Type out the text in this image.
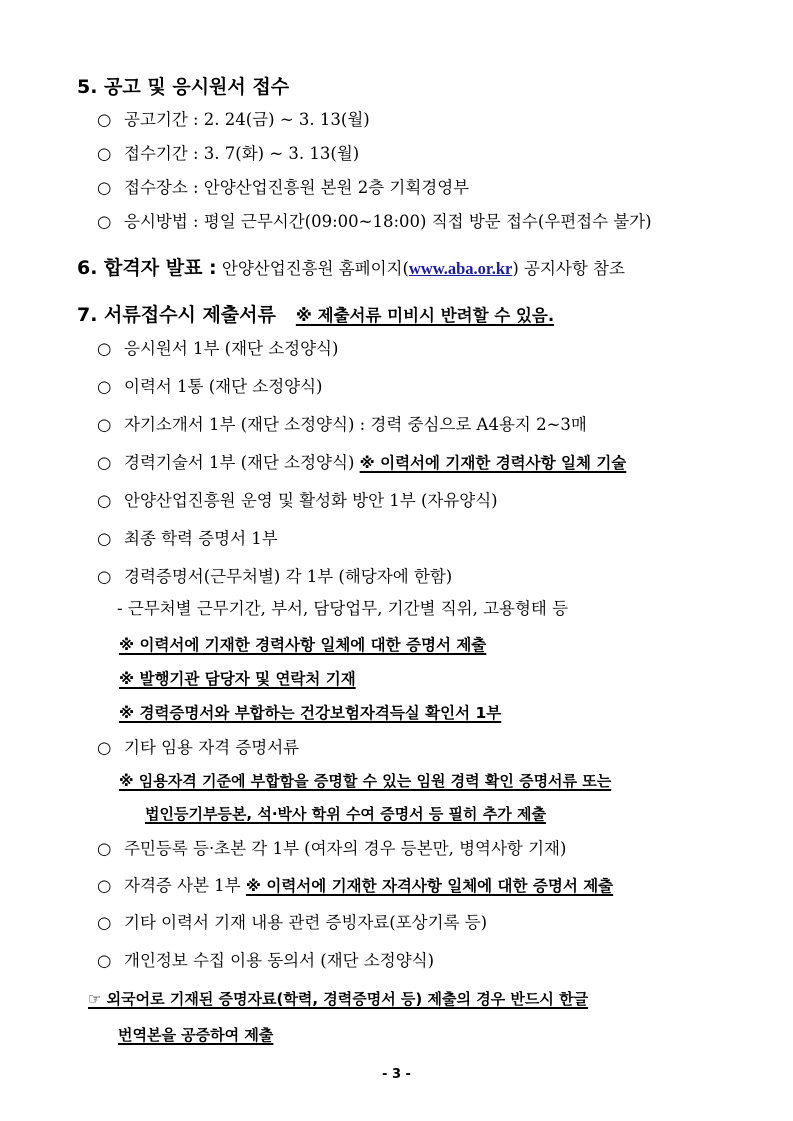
5. 공고 및 응시원서 접수
○ 공고기간 : 2. 24(금) ~ 3. 13(월)
○ 접수기간 : 3. 7(화) ~ 3. 13(월)
○ 접수장소 : 안양산업진흥원 본원 2층 기획경영부
○ 응시방법 : 평일 근무시간(09:00~18:00) 직접 방문 접수(우편접수 불가)
6. 합격자 발표 : 안양산업진흥원 홈페이지(www.aba.or.kr) 공지사항 참조
7. 서류접수시 제출서류 ※ 제출서류 미비시 반려할 수 있음.
○ 응시원서 1부 (재단 소정양식)
○ 이력서 1통 (재단 소정양식)
○ 자기소개서 1부 (재단 소정양식) : 경력 중심으로 A4용지 2~3매
○ 경력기술서 1부 (재단 소정양식) ※ 이력서에 기재한 경력사항 일체 기술
○ 안양산업진흥원 운영 및 활성화 방안 1부 (자유양식)
○ 최종 학력 증명서 1부
○ 경력증명서(근무처별) 각 1부 (해당자에 한함)
- 근무처별 근무기간, 부서, 담당업무, 기간별 직위, 고용형태 등
※ 이력서에 기재한 경력사항 일체에 대한 증명서 제출
※ 발행기관 담당자 및 연락처 기재
※ 경력증명서와 부합하는 건강보험자격득실 확인서 1부
○ 기타 임용 자격 증명서류
※ 임용자격 기준에 부합함을 증명할 수 있는 임원 경력 확인 증명서류 또는
법인등기부등본, 석·박사 학위 수여 증명서 등 필히 추가 제출
○ 주민등록 등·초본 각 1부 (여자의 경우 등본만, 병역사항 기재)
○ 자격증 사본 1부 ※ 이력서에 기재한 자격사항 일체에 대한 증명서 제출
○ 기타 이력서 기재 내용 관련 증빙자료(포상기록 등)
○ 개인정보 수집 이용 동의서 (재단 소정양식)
☞ 외국어로 기재된 증명자료(학력, 경력증명서 등) 제출의 경우 반드시 한글
번역본을 공증하여 제출
- 3 -
